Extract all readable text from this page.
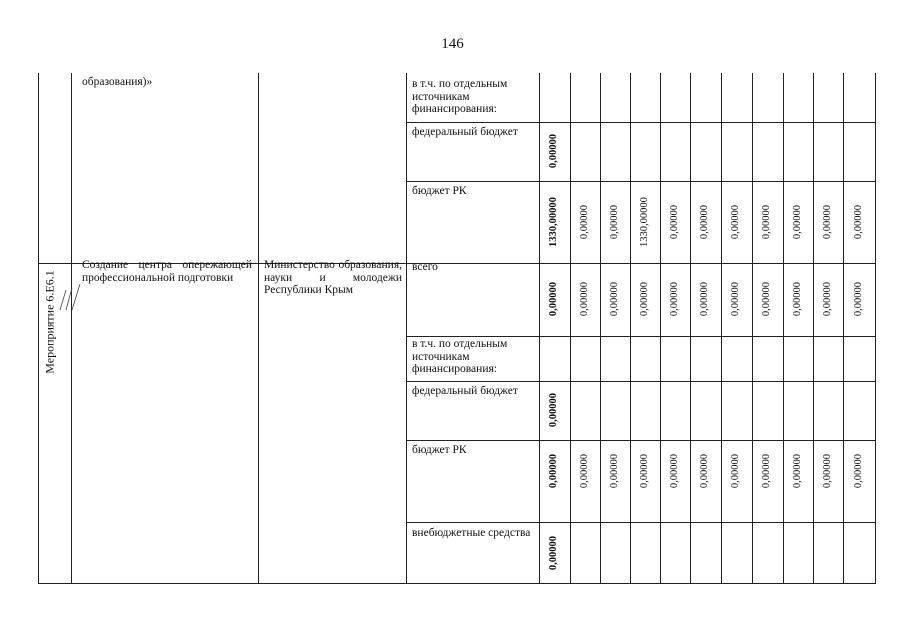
146
образования)»	в т.ч. по отдельным источникам финансирования:
федеральный бюджет
бюджет РК
0,00000
1330,00000 0,00000 0,00000 1330,00000 0,00000 0,00000 0,00000 0,00000 0,00000 0,00000 0,00000
Мероприятие 6.Е6.1
Создание центра опережающей профессиональной подготовки
Министерство образования, науки и молодежи Республики Крым
всего
в т.ч. по отдельным источникам финансирования:
федеральный бюджет
бюджет РК
внебюджетные средства
0,00000 0,00000 0,00000 0,00000 0,00000 0,00000 0,00000 0,00000 0,00000 0,00000 0,00000
0,00000
0,00000 0,00000 0,00000 0,00000 0,00000 0,00000 0,00000 0,00000 0,00000 0,00000 0,00000
0,00000
